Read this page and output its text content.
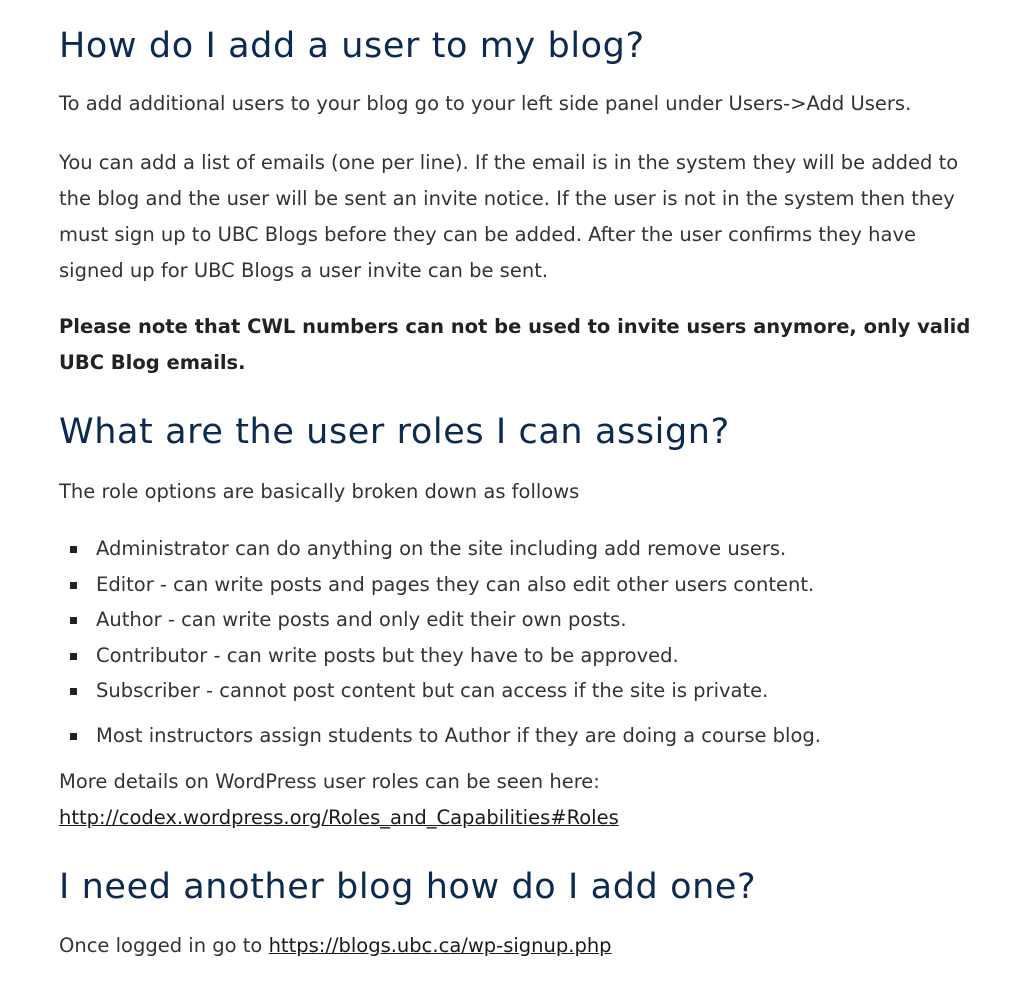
How do I add a user to my blog?

To add additional users to your blog go to your left side panel under Users->Add Users.

You can add a list of emails (one per line). If the email is in the system they will be added to the blog and the user will be sent an invite notice. If the user is not in the system then they must sign up to UBC Blogs before they can be added. After the user confirms they have signed up for UBC Blogs a user invite can be sent.

Please note that CWL numbers can not be used to invite users anymore, only valid UBC Blog emails.

What are the user roles I can assign?

The role options are basically broken down as follows

Administrator can do anything on the site including add remove users.
Editor - can write posts and pages they can also edit other users content.
Author - can write posts and only edit their own posts.
Contributor - can write posts but they have to be approved.
Subscriber - cannot post content but can access if the site is private.
Most instructors assign students to Author if they are doing a course blog.

More details on WordPress user roles can be seen here:

http://codex.wordpress.org/Roles_and_Capabilities#Roles

I need another blog how do I add one?

Once logged in go to https://blogs.ubc.ca/wp-signup.php
